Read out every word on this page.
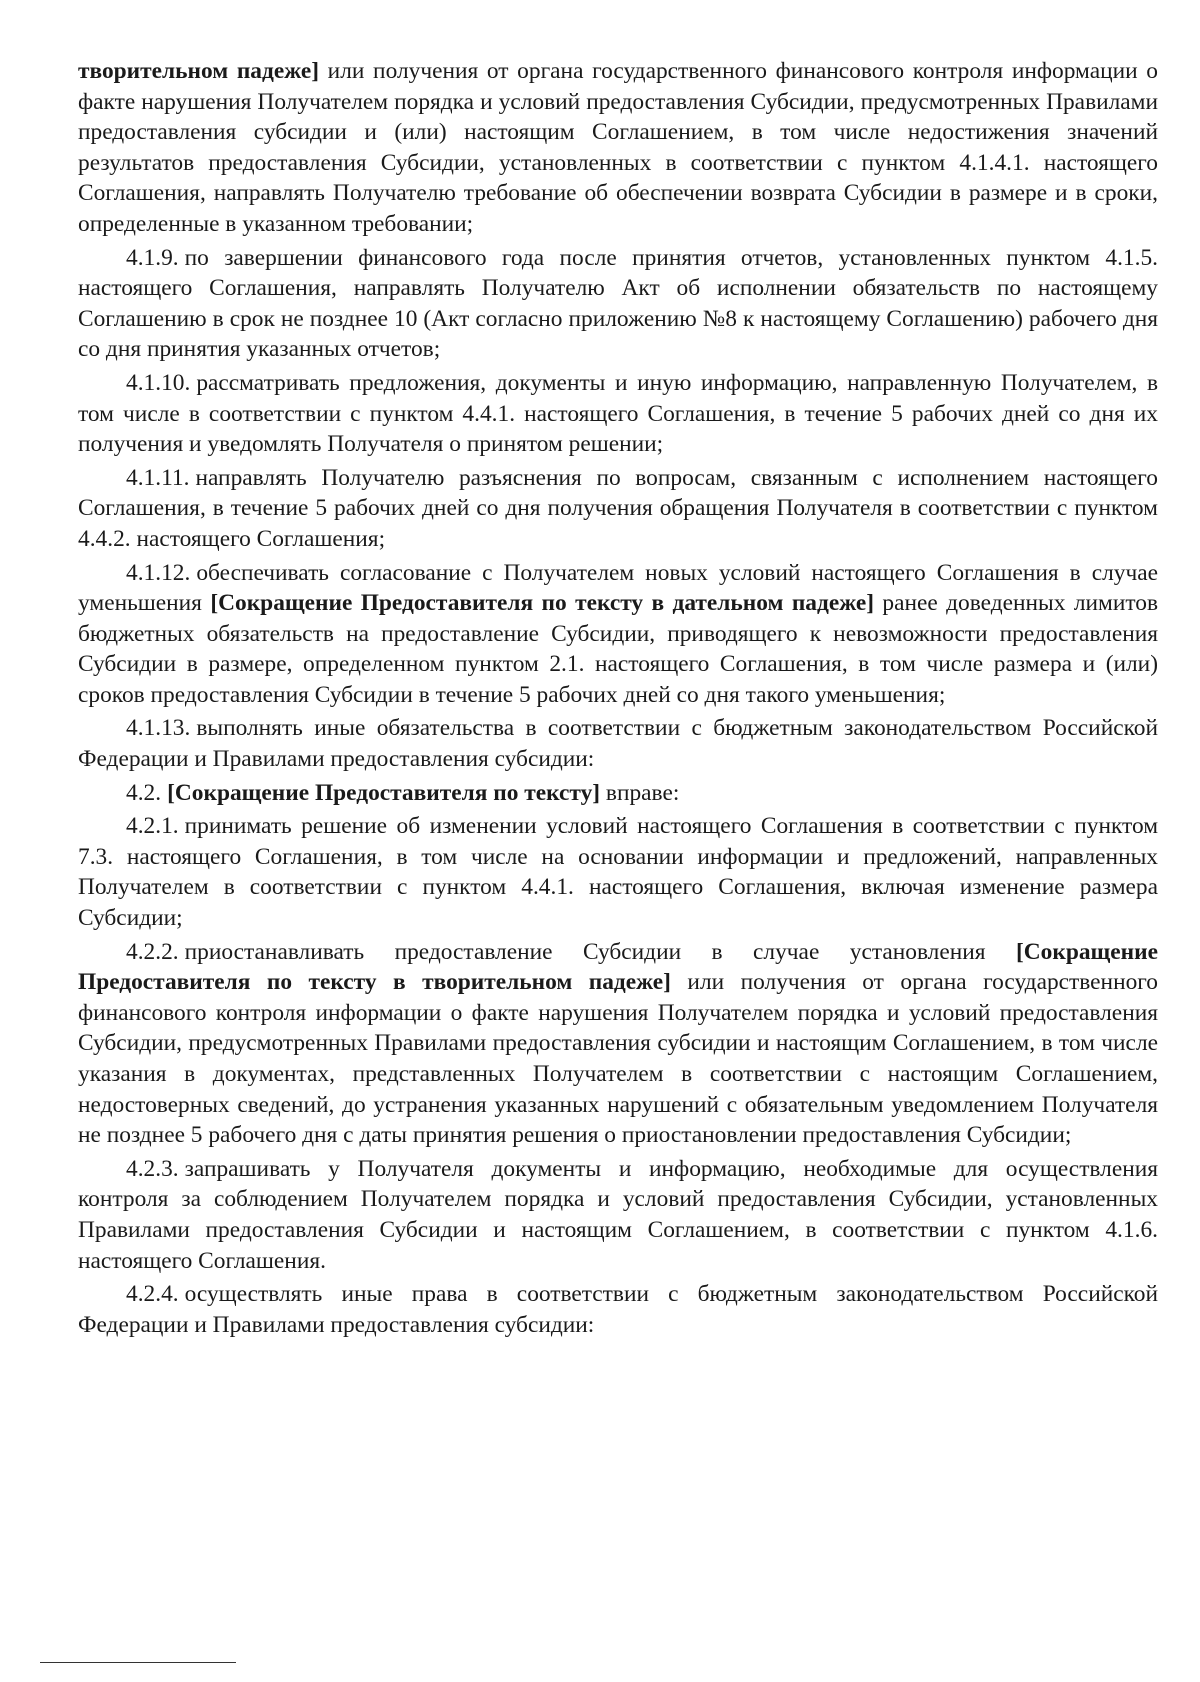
творительном падеже] или получения от органа государственного финансового контроля информации о факте нарушения Получателем порядка и условий предоставления Субсидии, предусмотренных Правилами предоставления субсидии и (или) настоящим Соглашением, в том числе недостижения значений результатов предоставления Субсидии, установленных в соответствии с пунктом 4.1.4.1. настоящего Соглашения, направлять Получателю требование об обеспечении возврата Субсидии в размере и в сроки, определенные в указанном требовании;

4.1.9. по завершении финансового года после принятия отчетов, установленных пунктом 4.1.5. настоящего Соглашения, направлять Получателю Акт об исполнении обязательств по настоящему Соглашению в срок не позднее 10 (Акт согласно приложению №8 к настоящему Соглашению) рабочего дня со дня принятия указанных отчетов;

4.1.10. рассматривать предложения, документы и иную информацию, направленную Получателем, в том числе в соответствии с пунктом 4.4.1. настоящего Соглашения, в течение 5 рабочих дней со дня их получения и уведомлять Получателя о принятом решении;

4.1.11. направлять Получателю разъяснения по вопросам, связанным с исполнением настоящего Соглашения, в течение 5 рабочих дней со дня получения обращения Получателя в соответствии с пунктом 4.4.2. настоящего Соглашения;

4.1.12. обеспечивать согласование с Получателем новых условий настоящего Соглашения в случае уменьшения [Сокращение Предоставителя по тексту в дательном падеже] ранее доведенных лимитов бюджетных обязательств на предоставление Субсидии, приводящего к невозможности предоставления Субсидии в размере, определенном пунктом 2.1. настоящего Соглашения, в том числе размера и (или) сроков предоставления Субсидии в течение 5 рабочих дней со дня такого уменьшения;

4.1.13. выполнять иные обязательства в соответствии с бюджетным законодательством Российской Федерации и Правилами предоставления субсидии:

4.2. [Сокращение Предоставителя по тексту] вправе:

4.2.1. принимать решение об изменении условий настоящего Соглашения в соответствии с пунктом 7.3. настоящего Соглашения, в том числе на основании информации и предложений, направленных Получателем в соответствии с пунктом 4.4.1. настоящего Соглашения, включая изменение размера Субсидии;

4.2.2. приостанавливать предоставление Субсидии в случае установления [Сокращение Предоставителя по тексту в творительном падеже] или получения от органа государственного финансового контроля информации о факте нарушения Получателем порядка и условий предоставления Субсидии, предусмотренных Правилами предоставления субсидии и настоящим Соглашением, в том числе указания в документах, представленных Получателем в соответствии с настоящим Соглашением, недостоверных сведений, до устранения указанных нарушений с обязательным уведомлением Получателя не позднее 5 рабочего дня с даты принятия решения о приостановлении предоставления Субсидии;

4.2.3. запрашивать у Получателя документы и информацию, необходимые для осуществления контроля за соблюдением Получателем порядка и условий предоставления Субсидии, установленных Правилами предоставления Субсидии и настоящим Соглашением, в соответствии с пунктом 4.1.6. настоящего Соглашения.

4.2.4. осуществлять иные права в соответствии с бюджетным законодательством Российской Федерации и Правилами предоставления субсидии:
